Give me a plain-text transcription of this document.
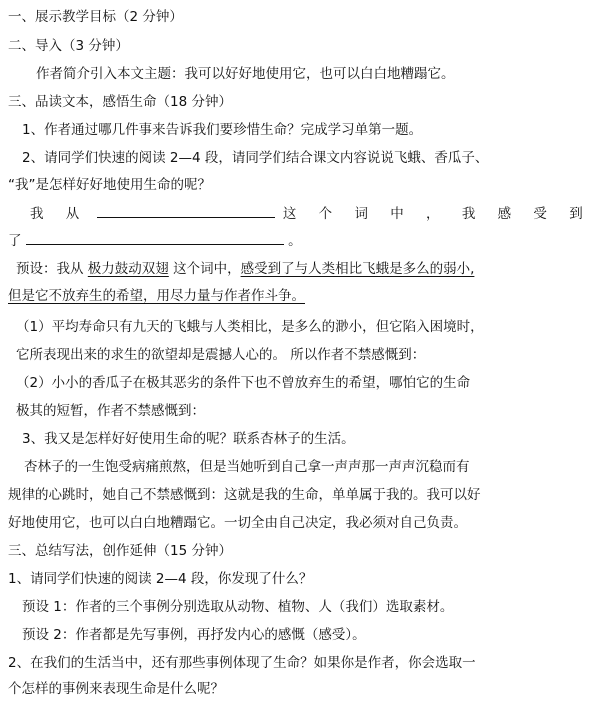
一、展示教学目标（2 分钟）
二、导入（3 分钟）
作者简介引入本文主题：我可以好好地使用它，也可以白白地糟蹋它。
三、品读文本，感悟生命（18 分钟）
1、作者通过哪几件事来告诉我们要珍惜生命？完成学习单第一题。
2、请同学们快速的阅读 2—4 段，请同学们结合课文内容说说飞蛾、香瓜子、
“我”是怎样好好地使用生命的呢？
我 从	这 个 词 中 ， 我 感 受 到
了	。
预设：我从 极力鼓动双翅 这个词中，感受到了与人类相比飞蛾是多么的弱小,
但是它不放弃生的希望，用尽力量与作者作斗争。
（1）平均寿命只有九天的飞蛾与人类相比，是多么的渺小，但它陷入困境时，
它所表现出来的求生的欲望却是震撼人心的。 所以作者不禁感慨到：
（2）小小的香瓜子在极其恶劣的条件下也不曾放弃生的希望，哪怕它的生命
极其的短暂，作者不禁感慨到：
3、我又是怎样好好使用生命的呢？联系杏林子的生活。
杏林子的一生饱受病痛煎熬，但是当她听到自己拿一声声那一声声沉稳而有
规律的心跳时，她自己不禁感慨到：这就是我的生命，单单属于我的。我可以好
好地使用它，也可以白白地糟蹋它。一切全由自己决定，我必须对自己负责。
三、总结写法，创作延伸（15 分钟）
1、请同学们快速的阅读 2—4 段，你发现了什么？
预设 1：作者的三个事例分别选取从动物、植物、人（我们）选取素材。
预设 2：作者都是先写事例，再抒发内心的感慨（感受）。
2、在我们的生活当中，还有那些事例体现了生命？如果你是作者，你会选取一
个怎样的事例来表现生命是什么呢？
